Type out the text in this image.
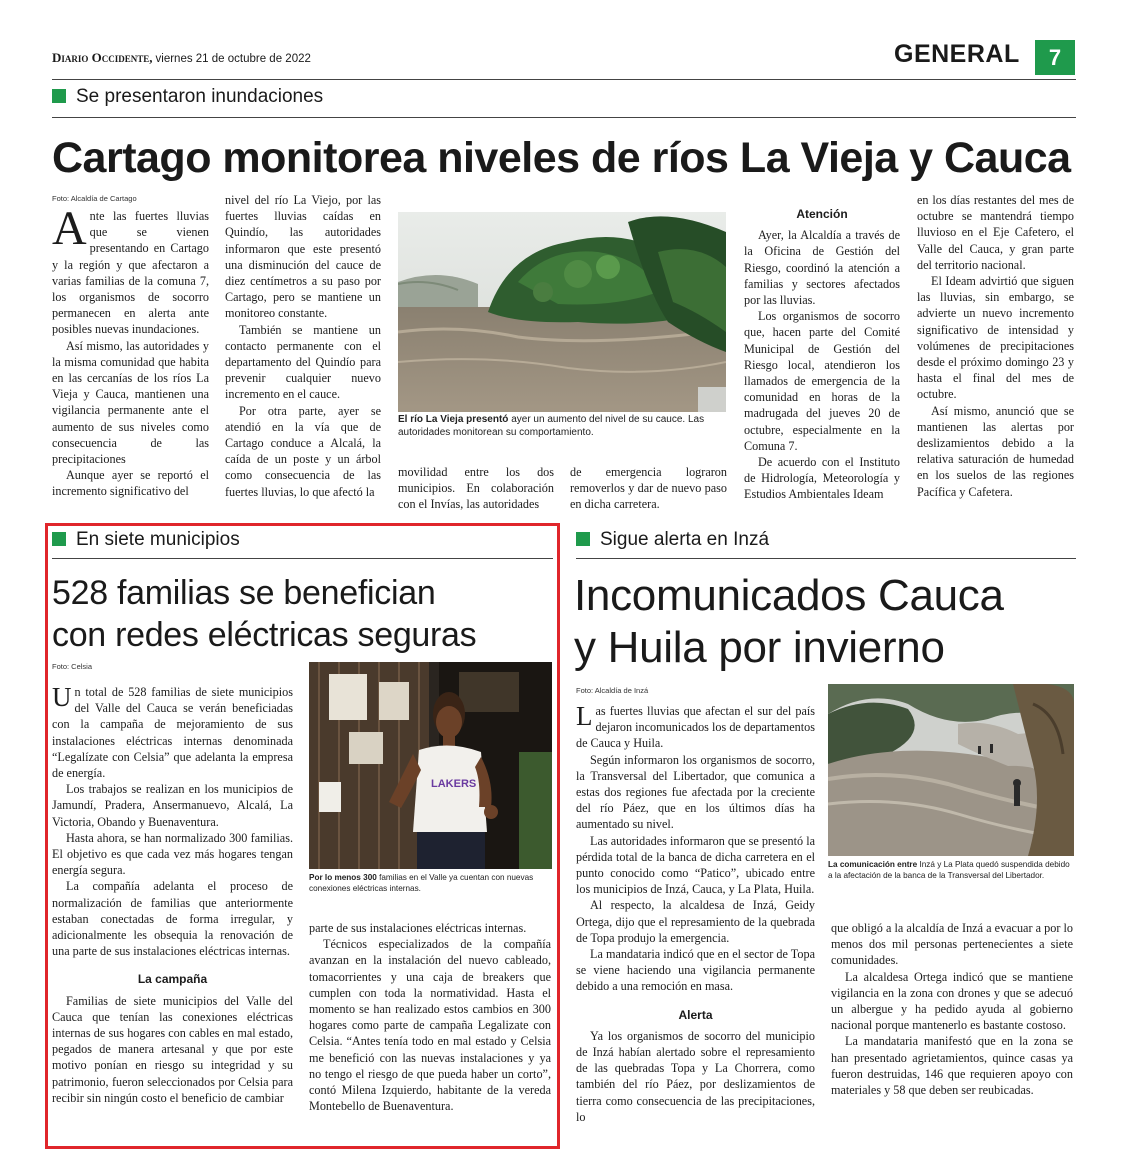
Diario Occidente, viernes 21 de octubre de 2022	GENERAL	7
Se presentaron inundaciones
Cartago monitorea niveles de ríos La Vieja y Cauca
Foto: Alcaldía de Cartago

Ante las fuertes lluvias que se vienen presentando en Cartago y la región y que afectaron a varias familias de la comuna 7, los organismos de socorro permanecen en alerta ante posibles nuevas inundaciones.

Así mismo, las autoridades y la misma comunidad que habita en las cercanías de los ríos La Vieja y Cauca, mantienen una vigilancia permanente ante el aumento de sus niveles como consecuencia de las precipitaciones

Aunque ayer se reportó el incremento significativo del

nivel del río La Viejo, por las fuertes lluvias caídas en Quindío, las autoridades informaron que este presentó una disminución del cauce de diez centímetros a su paso por Cartago, pero se mantiene un monitoreo constante.

También se mantiene un contacto permanente con el departamento del Quindío para prevenir cualquier nuevo incremento en el cauce.

Por otra parte, ayer se atendió en la vía que de Cartago conduce a Alcalá, la caída de un poste y un árbol como consecuencia de las fuertes lluvias, lo que afectó la

El río La Vieja presentó ayer un aumento del nivel de su cauce. Las autoridades monitorean su comportamiento.

movilidad entre los dos municipios. En colaboración con el Invías, las autoridades

de emergencia lograron removerlos y dar de nuevo paso en dicha carretera.

Atención

Ayer, la Alcaldía a través de la Oficina de Gestión del Riesgo, coordinó la atención a familias y sectores afectados por las lluvias.

Los organismos de socorro que, hacen parte del Comité Municipal de Gestión del Riesgo local, atendieron los llamados de emergencia de la comunidad en horas de la madrugada del jueves 20 de octubre, especialmente en la Comuna 7.

De acuerdo con el Instituto de Hidrología, Meteorología y Estudios Ambientales Ideam

en los días restantes del mes de octubre se mantendrá tiempo lluvioso en el Eje Cafetero, el Valle del Cauca, y gran parte del territorio nacional.

El Ideam advirtió que siguen las lluvias, sin embargo, se advierte un nuevo incremento significativo de intensidad y volúmenes de precipitaciones desde el próximo domingo 23 y hasta el final del mes de octubre.

Así mismo, anunció que se mantienen las alertas por deslizamientos debido a la relativa saturación de humedad en los suelos de las regiones Pacífica y Cafetera.

En siete municipios
528 familias se benefician
con redes eléctricas seguras
Foto: Celsia

Un total de 528 familias de siete municipios del Valle del Cauca se verán beneficiadas con la campaña de mejoramiento de sus instalaciones eléctricas internas denominada “Legalízate con Celsia” que adelanta la empresa de energía.

Los trabajos se realizan en los municipios de Jamundí, Pradera, Ansermanuevo, Alcalá, La Victoria, Obando y Buenaventura.

Hasta ahora, se han normalizado 300 familias. El objetivo es que cada vez más hogares tengan energía segura.

La compañía adelanta el proceso de normalización de familias que anteriormente estaban conectadas de forma irregular, y adicionalmente les obsequia la renovación de una parte de sus instalaciones eléctricas internas.

La campaña

Familias de siete municipios del Valle del Cauca que tenían las conexiones eléctricas internas de sus hogares con cables en mal estado, pegados de manera artesanal y que por este motivo ponían en riesgo su integridad y su patrimonio, fueron seleccionados por Celsia para recibir sin ningún costo el beneficio de cambiar

LAKERS
Por lo menos 300 familias en el Valle ya cuentan con nuevas conexiones eléctricas internas.

parte de sus instalaciones eléctricas internas.

Técnicos especializados de la compañía avanzan en la instalación del nuevo cableado, tomacorrientes y una caja de breakers que cumplen con toda la normatividad. Hasta el momento se han realizado estos cambios en 300 hogares como parte de campaña Legalizate con Celsia. “Antes tenía todo en mal estado y Celsia me benefició con las nuevas instalaciones y ya no tengo el riesgo de que pueda haber un corto”, contó Milena Izquierdo, habitante de la vereda Montebello de Buenaventura.

Sigue alerta en Inzá
Incomunicados Cauca
y Huila por invierno
Foto: Alcaldía de Inzá

Las fuertes lluvias que afectan el sur del país dejaron incomunicados los de departamentos de Cauca y Huila.

Según informaron los organismos de socorro, la Transversal del Libertador, que comunica a estas dos regiones fue afectada por la creciente del río Páez, que en los últimos días ha aumentado su nivel.

Las autoridades informaron que se presentó la pérdida total de la banca de dicha carretera en el punto conocido como “Patico”, ubicado entre los municipios de Inzá, Cauca, y La Plata, Huila.

Al respecto, la alcaldesa de Inzá, Geidy Ortega, dijo que el represamiento de la quebrada de Topa produjo la emergencia.

La mandataria indicó que en el sector de Topa se viene haciendo una vigilancia permanente debido a una remoción en masa.

Alerta

Ya los organismos de socorro del municipio de Inzá habían alertado sobre el represamiento de las quebradas Topa y La Chorrera, como también del río Páez, por deslizamientos de tierra como consecuencia de las precipitaciones, lo

La comunicación entre Inzá y La Plata quedó suspendida debido a la afectación de la banca de la Transversal del Libertador.

que obligó a la alcaldía de Inzá a evacuar a por lo menos dos mil personas pertenecientes a siete comunidades.

La alcaldesa Ortega indicó que se mantiene vigilancia en la zona con drones y que se adecuó un albergue y ha pedido ayuda al gobierno nacional porque mantenerlo es bastante costoso.

La mandataria manifestó que en la zona se han presentado agrietamientos, quince casas ya fueron destruidas, 146 que requieren apoyo con materiales y 58 que deben ser reubicadas.
